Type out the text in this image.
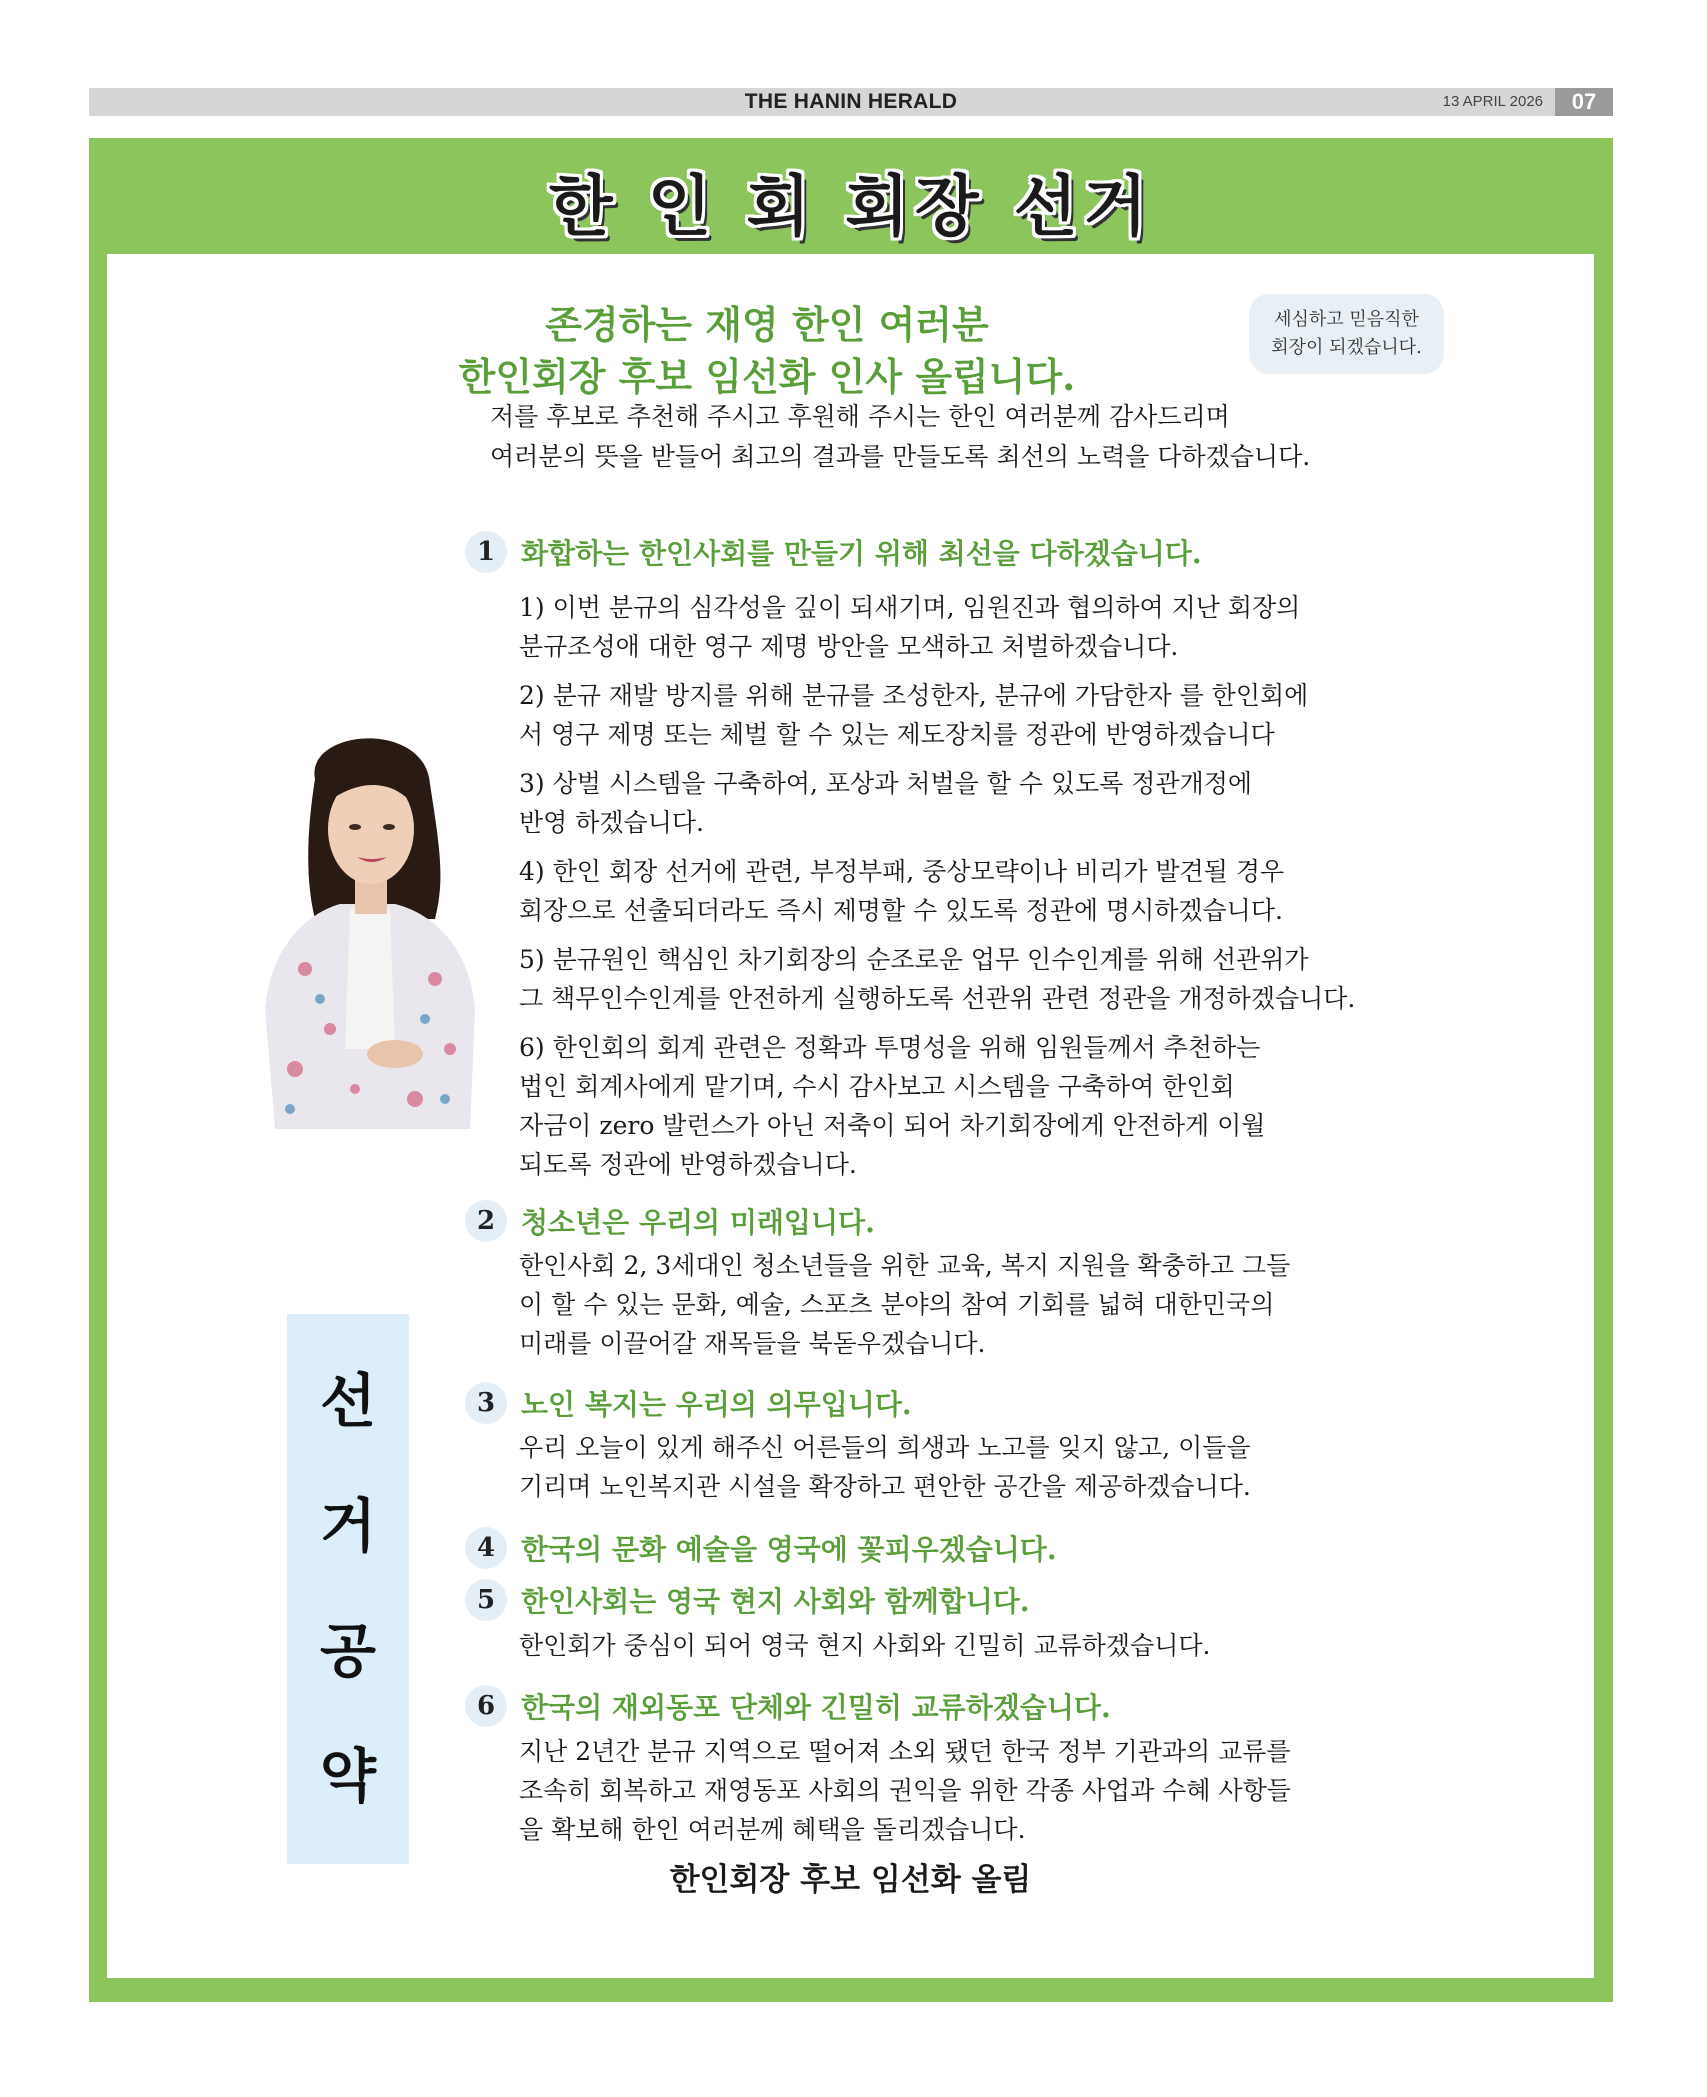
THE HANIN HERALD	13 APRIL 2026	07
한 인 회 회장 선거
존경하는 재영 한인 여러분
한인회장 후보 임선화 인사 올립니다.
세심하고 믿음직한
회장이 되겠습니다.
저를 후보로 추천해 주시고 후원해 주시는 한인 여러분께 감사드리며
여러분의 뜻을 받들어 최고의 결과를 만들도록 최선의 노력을 다하겠습니다.
선
거
공
약
1 화합하는 한인사회를 만들기 위해 최선을 다하겠습니다.
1) 이번 분규의 심각성을 깊이 되새기며, 임원진과 협의하여 지난 회장의
분규조성애 대한 영구 제명 방안을 모색하고 처벌하겠습니다.
2) 분규 재발 방지를 위해 분규를 조성한자, 분규에 가담한자 를 한인회에
서 영구 제명 또는 체벌 할 수 있는 제도장치를 정관에 반영하겠습니다
3) 상벌 시스템을 구축하여, 포상과 처벌을 할 수 있도록 정관개정에
반영 하겠습니다.
4) 한인 회장 선거에 관련, 부정부패, 중상모략이나 비리가 발견될 경우
회장으로 선출되더라도 즉시 제명할 수 있도록 정관에 명시하겠습니다.
5) 분규원인 핵심인 차기회장의 순조로운 업무 인수인계를 위해 선관위가
그 책무인수인계를 안전하게 실행하도록 선관위 관련 정관을 개정하겠습니다.
6) 한인회의 회계 관련은 정확과 투명성을 위해 임원들께서 추천하는
법인 회계사에게 맡기며, 수시 감사보고 시스템을 구축하여 한인회
자금이 zero 발런스가 아닌 저축이 되어 차기회장에게 안전하게 이월
되도록 정관에 반영하겠습니다.
2 청소년은 우리의 미래입니다.
한인사회 2, 3세대인 청소년들을 위한 교육, 복지 지원을 확충하고 그들
이 할 수 있는 문화, 예술, 스포츠 분야의 참여 기회를 넓혀 대한민국의
미래를 이끌어갈 재목들을 북돋우겠습니다.
3 노인 복지는 우리의 의무입니다.
우리 오늘이 있게 해주신 어른들의 희생과 노고를 잊지 않고, 이들을
기리며 노인복지관 시설을 확장하고 편안한 공간을 제공하겠습니다.
4 한국의 문화 예술을 영국에 꽃피우겠습니다.
5 한인사회는 영국 현지 사회와 함께합니다.
한인회가 중심이 되어 영국 현지 사회와 긴밀히 교류하겠습니다.
6 한국의 재외동포 단체와 긴밀히 교류하겠습니다.
지난 2년간 분규 지역으로 떨어져 소외 됐던 한국 정부 기관과의 교류를
조속히 회복하고 재영동포 사회의 권익을 위한 각종 사업과 수혜 사항들
을 확보해 한인 여러분께 혜택을 돌리겠습니다.
한인회장 후보 임선화 올림
